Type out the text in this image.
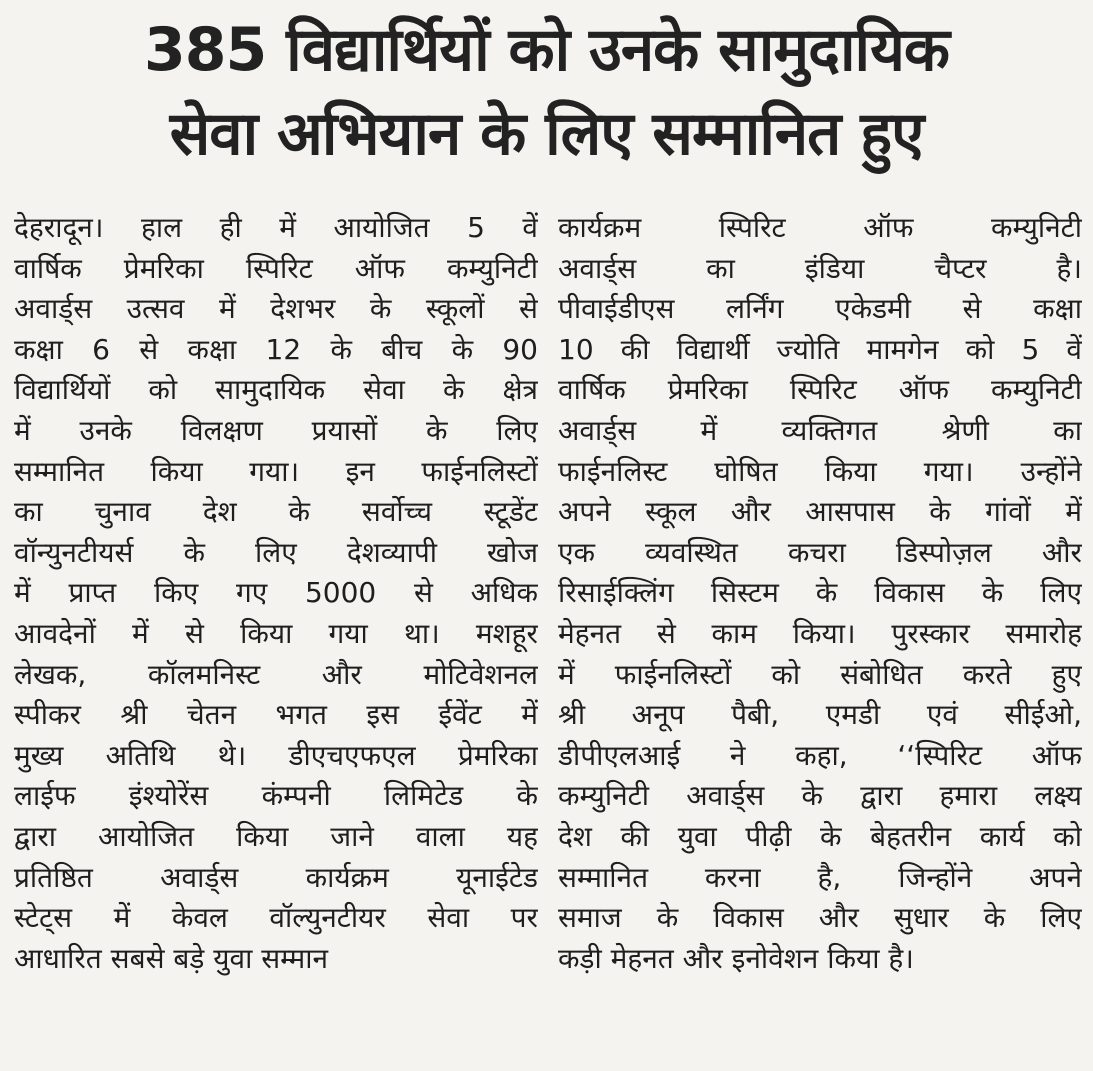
385 विद्यार्थियों को उनके सामुदायिक
सेवा अभियान के लिए सम्मानित हुए
देहरादून। हाल ही में आयोजित 5 वें
वार्षिक प्रेमरिका स्पिरिट ऑफ कम्युनिटी
अवार्ड्स उत्सव में देशभर के स्कूलों से
कक्षा 6 से कक्षा 12 के बीच के 90
विद्यार्थियों को सामुदायिक सेवा के क्षेत्र
में उनके विलक्षण प्रयासों के लिए
सम्मानित किया गया। इन फाईनलिस्टों
का चुनाव देश के सर्वोच्च स्टूडेंट
वॉन्युनटीयर्स के लिए देशव्यापी खोज
में प्राप्त किए गए 5000 से अधिक
आवदेनों में से किया गया था। मशहूर
लेखक, कॉलमनिस्ट और मोटिवेशनल
स्पीकर श्री चेतन भगत इस ईवेंट में
मुख्य अतिथि थे। डीएचएफएल प्रेमरिका
लाईफ इंश्योरेंस कंम्पनी लिमिटेड के
द्वारा आयोजित किया जाने वाला यह
प्रतिष्ठित अवार्ड्स कार्यक्रम यूनाईटेड
स्टेट्स में केवल वॉल्युनटीयर सेवा पर
आधारित सबसे बड़े युवा सम्मान
कार्यक्रम स्पिरिट ऑफ कम्युनिटी
अवार्ड्स का इंडिया चैप्टर है।
पीवाईडीएस लर्निंग एकेडमी से कक्षा
10 की विद्यार्थी ज्योति मामगेन को 5 वें
वार्षिक प्रेमरिका स्पिरिट ऑफ कम्युनिटी
अवार्ड्स में व्यक्तिगत श्रेणी का
फाईनलिस्ट घोषित किया गया। उन्होंने
अपने स्कूल और आसपास के गांवों में
एक व्यवस्थित कचरा डिस्पोज़ल और
रिसाईक्लिंग सिस्टम के विकास के लिए
मेहनत से काम किया। पुरस्कार समारोह
में फाईनलिस्टों को संबोधित करते हुए
श्री अनूप पैबी, एमडी एवं सीईओ,
डीपीएलआई ने कहा, ‘‘स्पिरिट ऑफ
कम्युनिटी अवार्ड्स के द्वारा हमारा लक्ष्य
देश की युवा पीढ़ी के बेहतरीन कार्य को
सम्मानित करना है, जिन्होंने अपने
समाज के विकास और सुधार के लिए
कड़ी मेहनत और इनोवेशन किया है।
